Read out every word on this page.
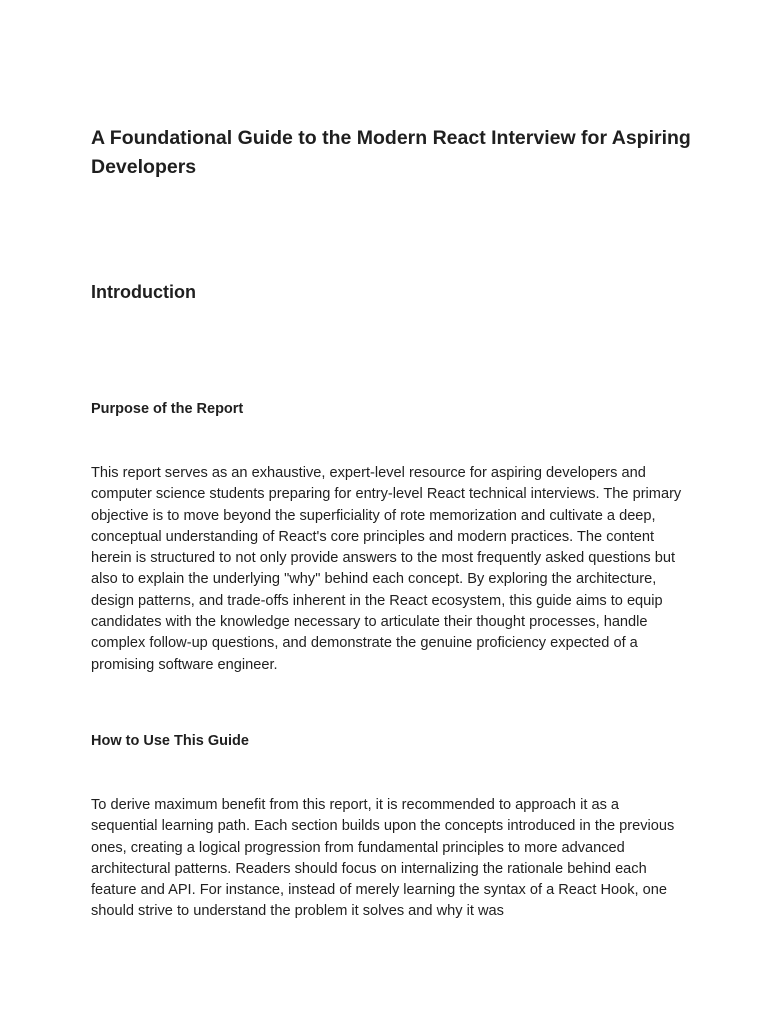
A Foundational Guide to the Modern React Interview for Aspiring Developers
Introduction
Purpose of the Report

This report serves as an exhaustive, expert-level resource for aspiring developers and computer science students preparing for entry-level React technical interviews. The primary objective is to move beyond the superficiality of rote memorization and cultivate a deep, conceptual understanding of React's core principles and modern practices. The content herein is structured to not only provide answers to the most frequently asked questions but also to explain the underlying "why" behind each concept. By exploring the architecture, design patterns, and trade-offs inherent in the React ecosystem, this guide aims to equip candidates with the knowledge necessary to articulate their thought processes, handle complex follow-up questions, and demonstrate the genuine proficiency expected of a promising software engineer.

How to Use This Guide

To derive maximum benefit from this report, it is recommended to approach it as a sequential learning path. Each section builds upon the concepts introduced in the previous ones, creating a logical progression from fundamental principles to more advanced architectural patterns. Readers should focus on internalizing the rationale behind each feature and API. For instance, instead of merely learning the syntax of a React Hook, one should strive to understand the problem it solves and why it was
